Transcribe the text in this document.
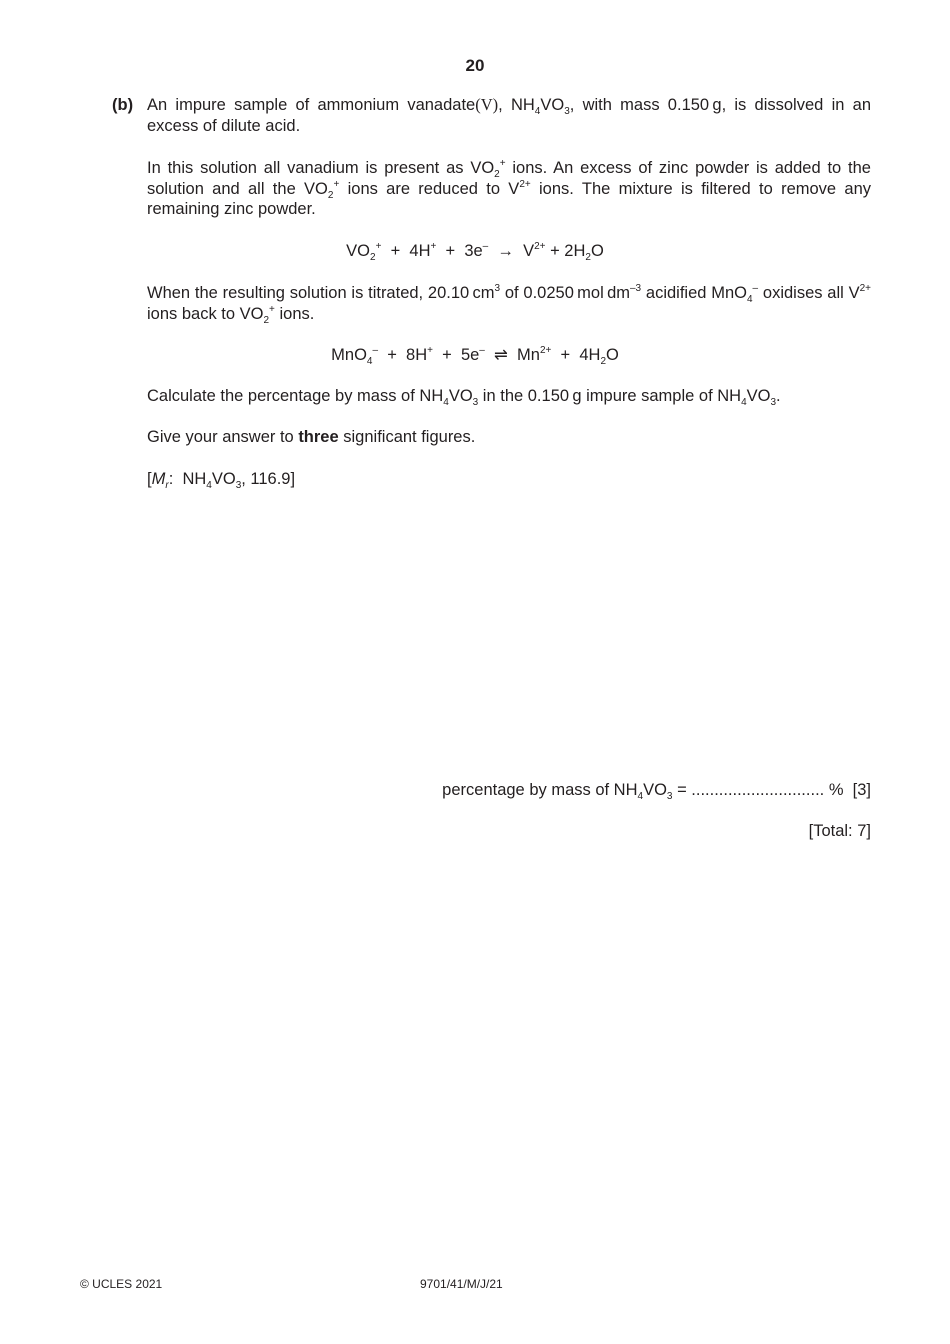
20
(b) An impure sample of ammonium vanadate(V), $NH_4VO_3$, with mass 0.150 g, is dissolved in an excess of dilute acid.
In this solution all vanadium is present as $VO_2^+$ ions. An excess of zinc powder is added to the solution and all the $VO_2^+$ ions are reduced to $V^{2+}$ ions. The mixture is filtered to remove any remaining zinc powder.
$VO_2^+ + 4H^+ + 3e^- \to V^{2+} + 2H_2O$
When the resulting solution is titrated, 20.10 $cm^3$ of 0.0250 mol $dm^{-3}$ acidified MnO$_4$– oxidises all $V^{2+}$ ions back to $VO_2^+$ ions.
MnO$_4$–  +  8H+  +  5e– ⇌ $Mn^{2+} + 4H_2O$
Calculate the percentage by mass of $NH_4VO_3$ in the 0.150 g impure sample of $NH_4VO_3$.
Give your answer to three significant figures.
[$M_r$:  $NH_4VO_3$, 116.9]
percentage by mass of $NH_4VO_3$ = ............................. %  [3]
[Total: 7]
© UCLES 2021	9701/41/M/J/21
